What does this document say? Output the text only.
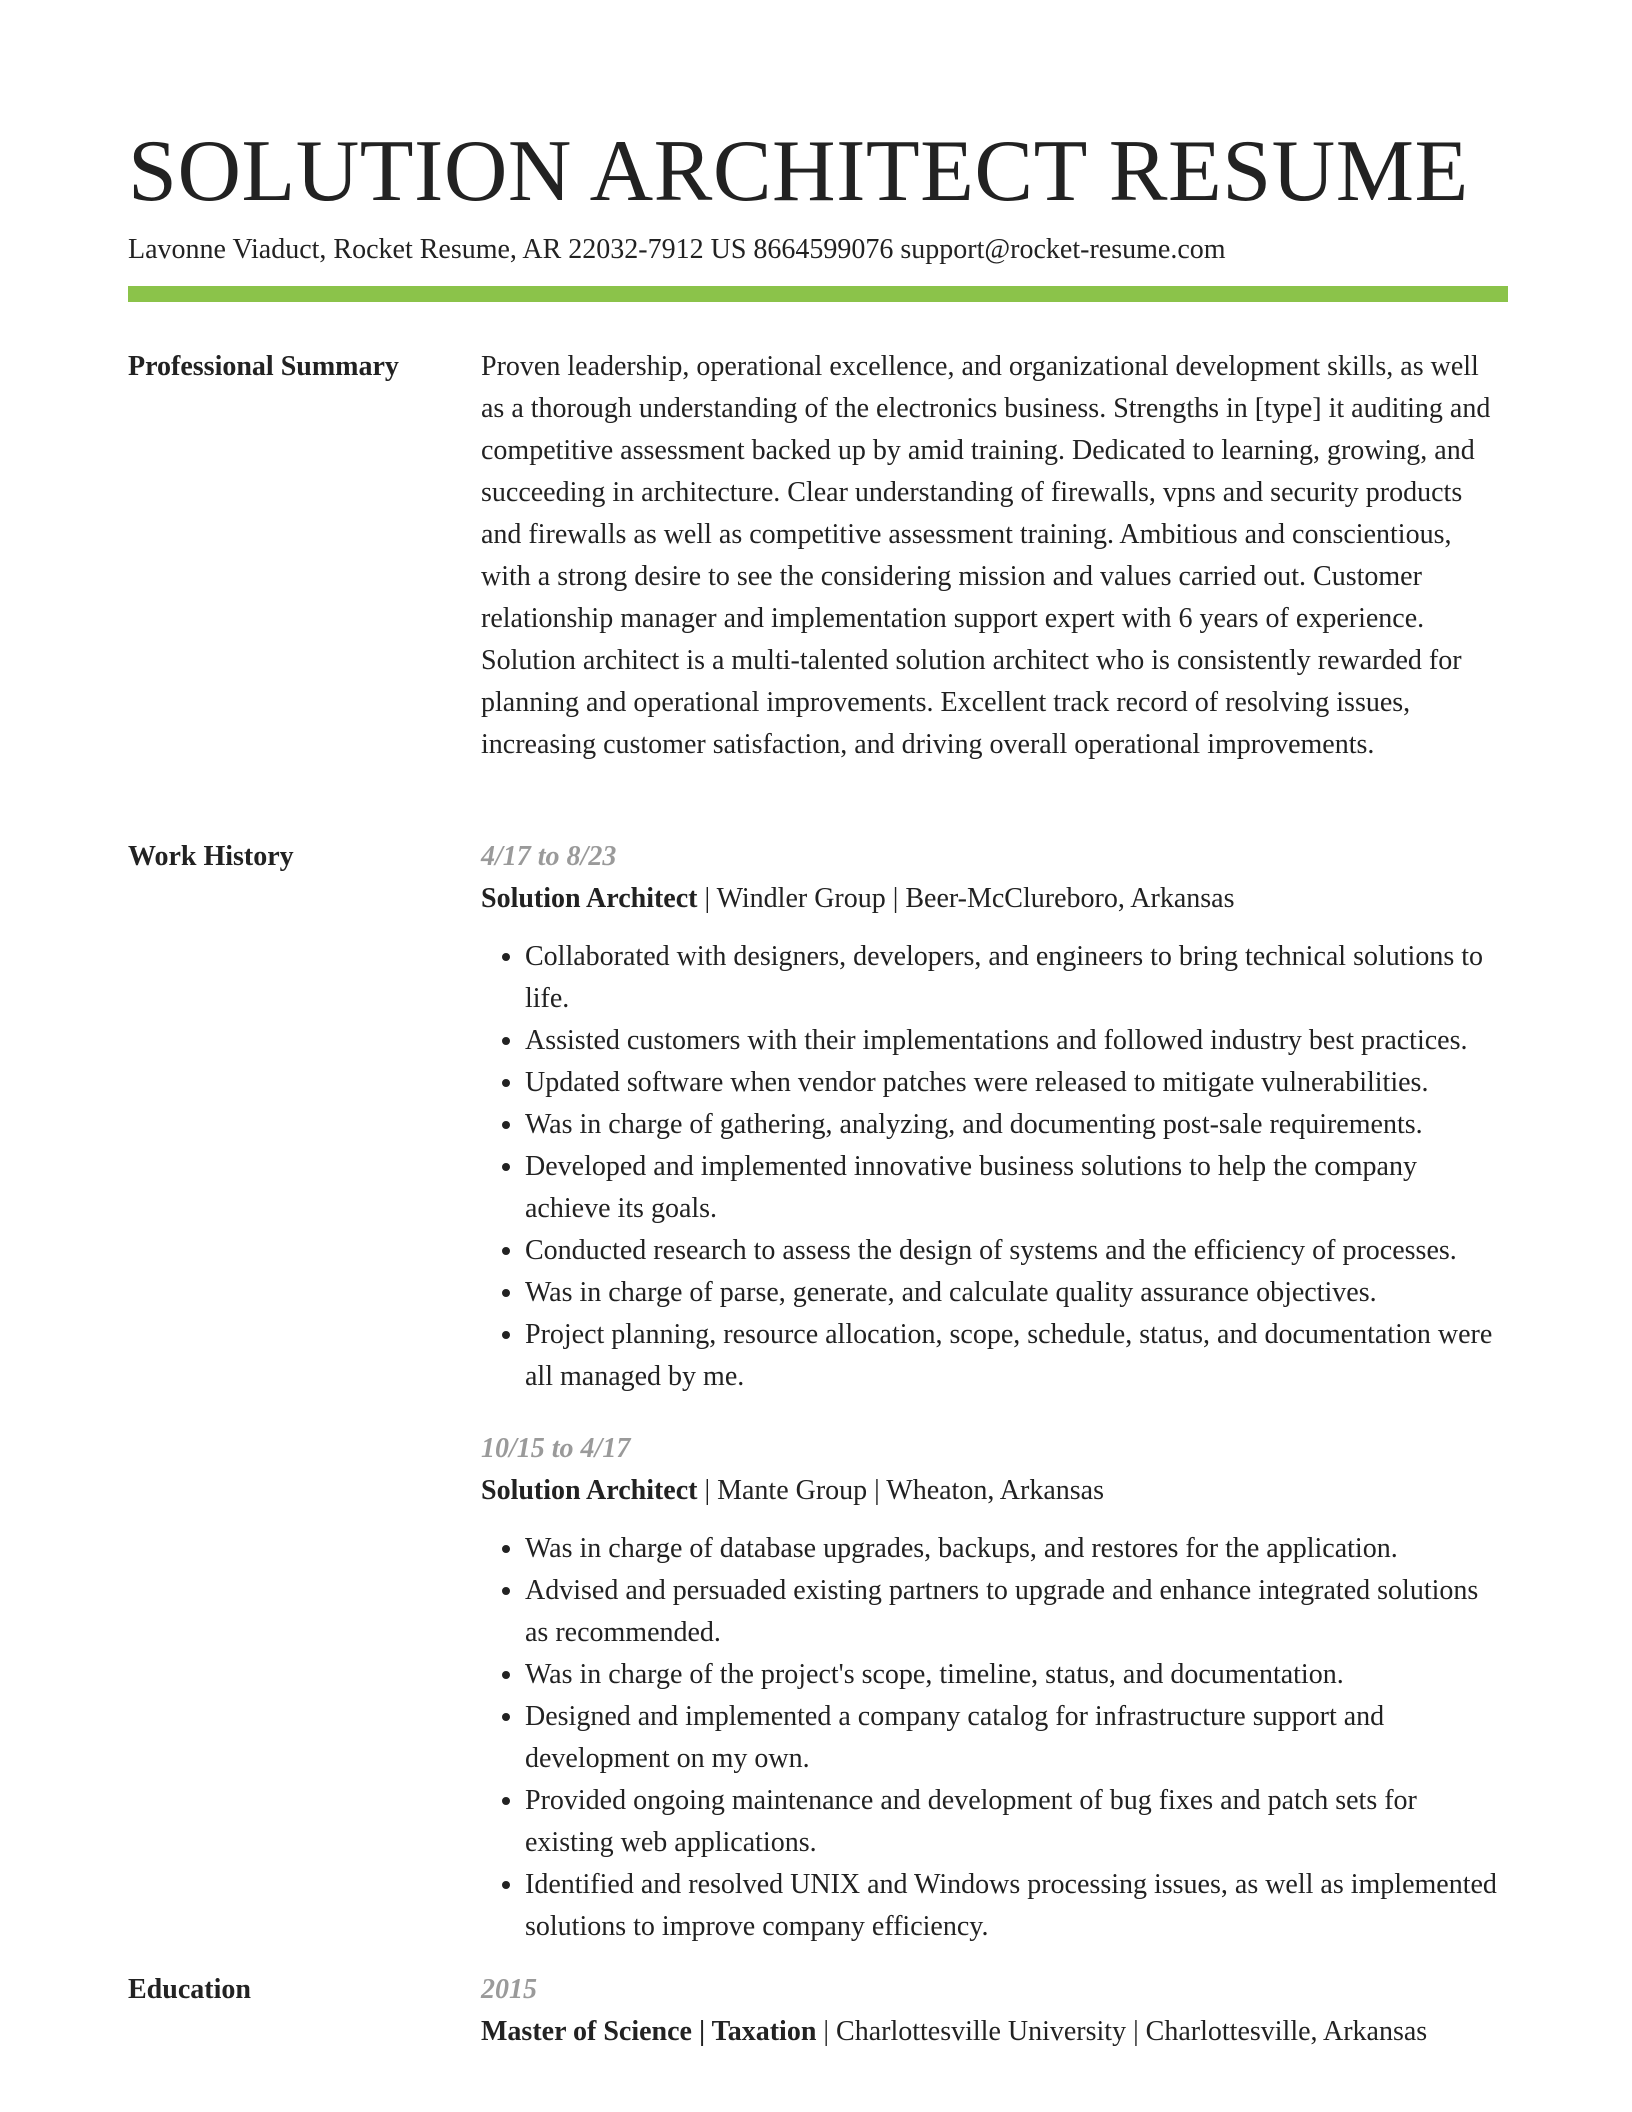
SOLUTION ARCHITECT RESUME
Lavonne Viaduct, Rocket Resume, AR 22032-7912 US 8664599076 support@rocket-resume.com
Professional Summary	Proven leadership, operational excellence, and organizational development skills, as well as a thorough understanding of the electronics business. Strengths in [type] it auditing and competitive assessment backed up by amid training. Dedicated to learning, growing, and succeeding in architecture. Clear understanding of firewalls, vpns and security products and firewalls as well as competitive assessment training. Ambitious and conscientious, with a strong desire to see the considering mission and values carried out. Customer relationship manager and implementation support expert with 6 years of experience. Solution architect is a multi-talented solution architect who is consistently rewarded for planning and operational improvements. Excellent track record of resolving issues, increasing customer satisfaction, and driving overall operational improvements.

Work History	4/17 to 8/23
Solution Architect | Windler Group | Beer-McClureboro, Arkansas
• Collaborated with designers, developers, and engineers to bring technical solutions to life.
• Assisted customers with their implementations and followed industry best practices.
• Updated software when vendor patches were released to mitigate vulnerabilities.
• Was in charge of gathering, analyzing, and documenting post-sale requirements.
• Developed and implemented innovative business solutions to help the company achieve its goals.
• Conducted research to assess the design of systems and the efficiency of processes.
• Was in charge of parse, generate, and calculate quality assurance objectives.
• Project planning, resource allocation, scope, schedule, status, and documentation were all managed by me.
10/15 to 4/17
Solution Architect | Mante Group | Wheaton, Arkansas
• Was in charge of database upgrades, backups, and restores for the application.
• Advised and persuaded existing partners to upgrade and enhance integrated solutions as recommended.
• Was in charge of the project's scope, timeline, status, and documentation.
• Designed and implemented a company catalog for infrastructure support and development on my own.
• Provided ongoing maintenance and development of bug fixes and patch sets for existing web applications.
• Identified and resolved UNIX and Windows processing issues, as well as implemented solutions to improve company efficiency.
Education	2015
Master of Science | Taxation | Charlottesville University | Charlottesville, Arkansas
